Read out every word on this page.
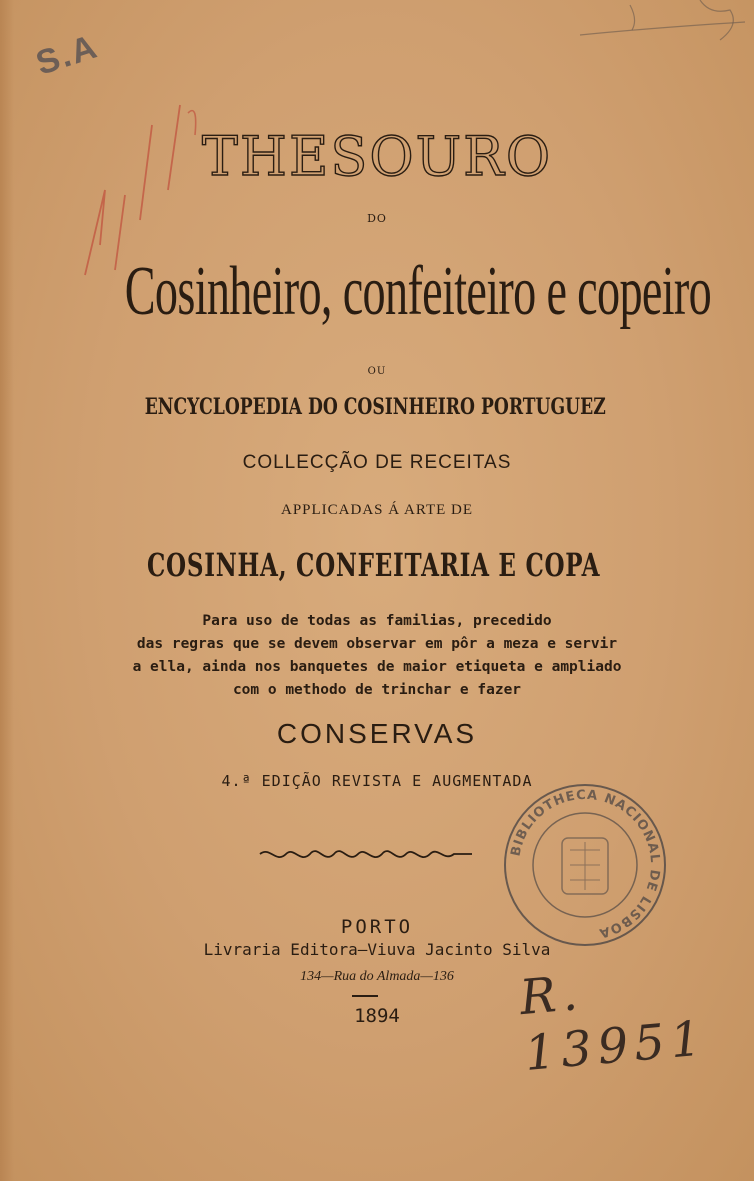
S.A
THESOURO
DO
Cosinheiro, confeiteiro e copeiro
OU
ENCYCLOPEDIA DO COSINHEIRO PORTUGUEZ
COLLECÇÃO DE RECEITAS
APPLICADAS Á ARTE DE
COSINHA, CONFEITARIA E COPA
Para uso de todas as familias, precedido
das regras que se devem observar em pôr a meza e servir
a ella, ainda nos banquetes de maior etiqueta e ampliado
com o methodo de trinchar e fazer
CONSERVAS
4.ª EDIÇÃO REVISTA E AUGMENTADA
BIBLIOTHECA NACIONAL DE LISBOA
PORTO
Livraria Editora—Viuva Jacinto Silva
134—Rua do Almada—136
1894	R. 13951
